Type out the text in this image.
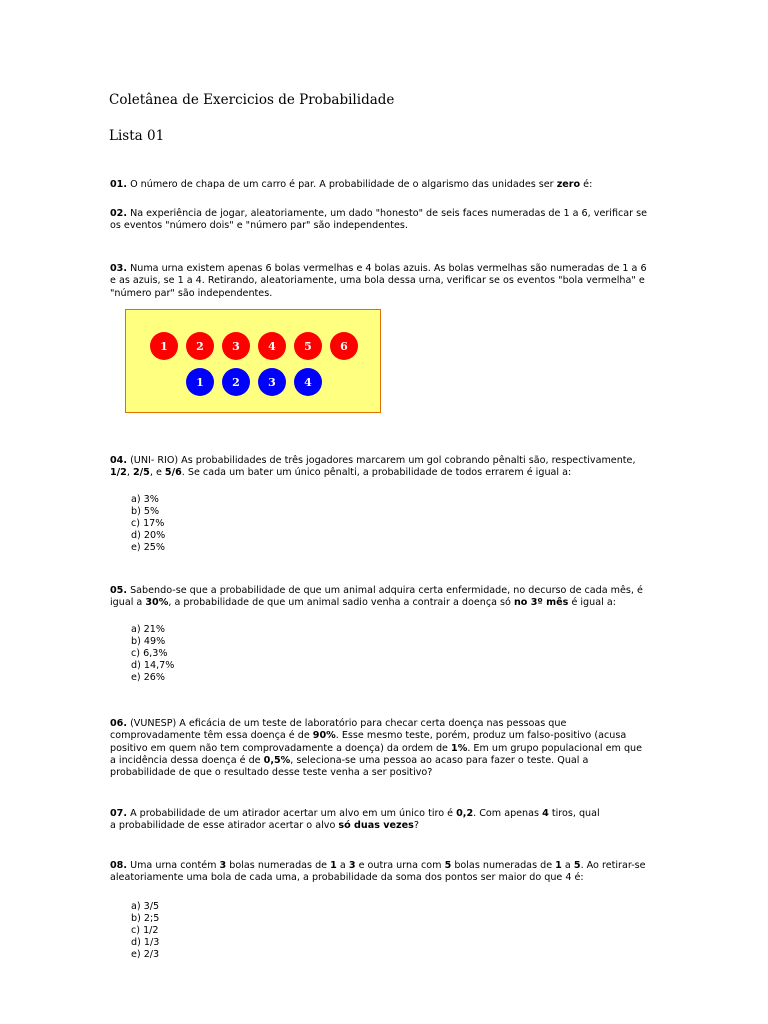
Coletânea de Exercicios de Probabilidade
Lista 01
01. O número de chapa de um carro é par. A probabilidade de o algarismo das unidades ser zero é:
02. Na experiência de jogar, aleatoriamente, um dado "honesto" de seis faces numeradas de 1 a 6, verificar se
os eventos "número dois" e "número par" são independentes.
03. Numa urna existem apenas 6 bolas vermelhas e 4 bolas azuis. As bolas vermelhas são numeradas de 1 a 6
e as azuis, se 1 a 4. Retirando, aleatoriamente, uma bola dessa urna, verificar se os eventos "bola vermelha" e
"número par" são independentes.
1	2	3	4	5	6
1	2	3	4
04. (UNI- RIO) As probabilidades de três jogadores marcarem um gol cobrando pênalti são, respectivamente,
1/2, 2/5, e 5/6. Se cada um bater um único pênalti, a probabilidade de todos errarem é igual a:
a) 3%
b) 5%
c) 17%
d) 20%
e) 25%
05. Sabendo-se que a probabilidade de que um animal adquira certa enfermidade, no decurso de cada mês, é
igual a 30%, a probabilidade de que um animal sadio venha a contrair a doença só no 3º mês é igual a:
a) 21%
b) 49%
c) 6,3%
d) 14,7%
e) 26%
06. (VUNESP) A eficácia de um teste de laboratório para checar certa doença nas pessoas que
comprovadamente têm essa doença é de 90%. Esse mesmo teste, porém, produz um falso-positivo (acusa
positivo em quem não tem comprovadamente a doença) da ordem de 1%. Em um grupo populacional em que
a incidência dessa doença é de 0,5%, seleciona-se uma pessoa ao acaso para fazer o teste. Qual a
probabilidade de que o resultado desse teste venha a ser positivo?
07. A probabilidade de um atirador acertar um alvo em um único tiro é 0,2. Com apenas 4 tiros, qual
a probabilidade de esse atirador acertar o alvo só duas vezes?
08. Uma urna contém 3 bolas numeradas de 1 a 3 e outra urna com 5 bolas numeradas de 1 a 5. Ao retirar-se
aleatoriamente uma bola de cada uma, a probabilidade da soma dos pontos ser maior do que 4 é:
a) 3/5
b) 2;5
c) 1/2
d) 1/3
e) 2/3
